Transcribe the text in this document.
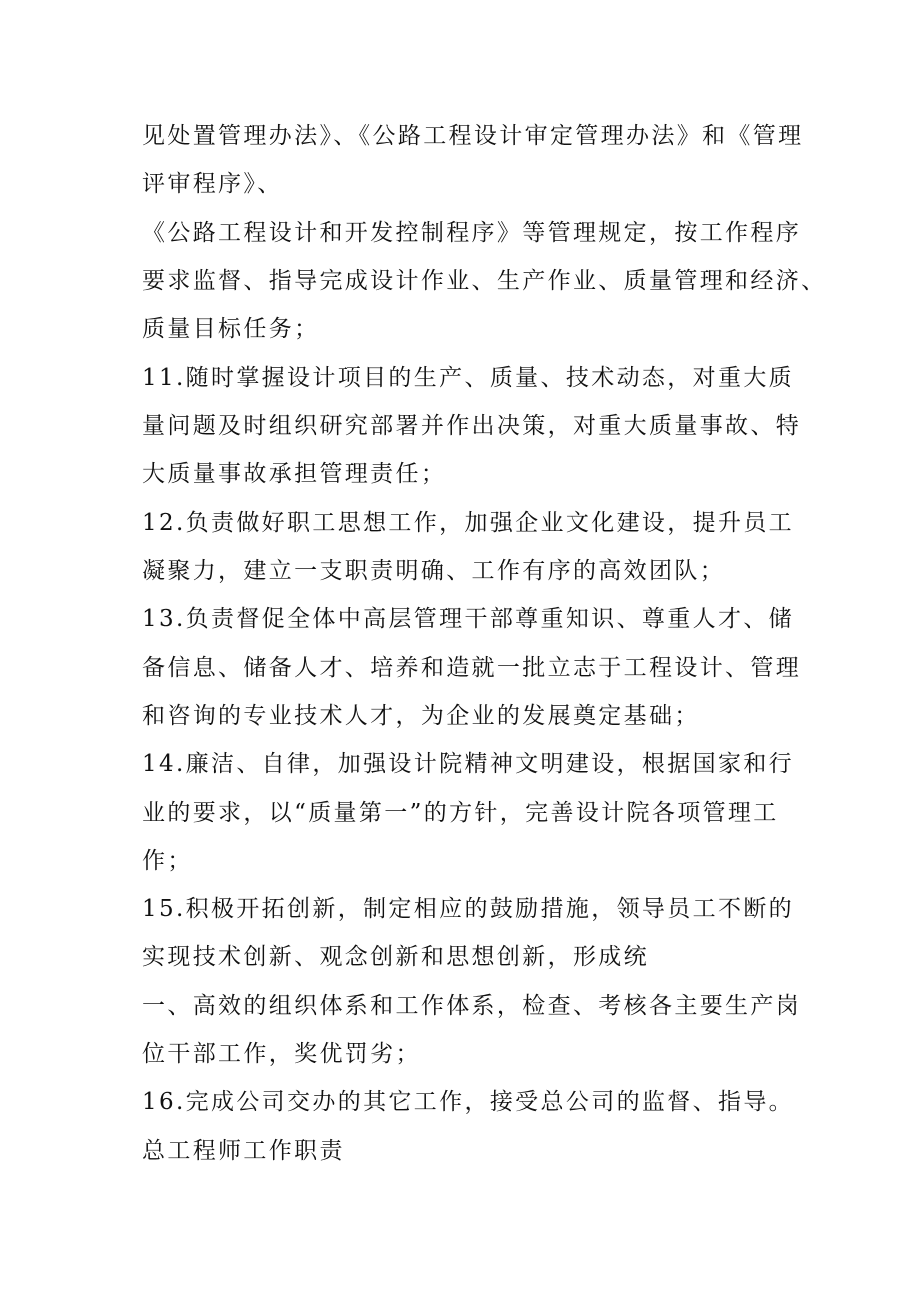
见处置管理办法》、《公路工程设计审定管理办法》和《管理
评审程序》、
《公路工程设计和开发控制程序》等管理规定，按工作程序
要求监督、指导完成设计作业、生产作业、质量管理和经济、
质量目标任务；
11.随时掌握设计项目的生产、质量、技术动态，对重大质
量问题及时组织研究部署并作出决策，对重大质量事故、特
大质量事故承担管理责任；
12.负责做好职工思想工作，加强企业文化建设，提升员工
凝聚力，建立一支职责明确、工作有序的高效团队；
13.负责督促全体中高层管理干部尊重知识、尊重人才、储
备信息、储备人才、培养和造就一批立志于工程设计、管理
和咨询的专业技术人才，为企业的发展奠定基础；
14.廉洁、自律，加强设计院精神文明建设，根据国家和行
业的要求，以“质量第一”的方针，完善设计院各项管理工
作；
15.积极开拓创新，制定相应的鼓励措施，领导员工不断的
实现技术创新、观念创新和思想创新，形成统
一、高效的组织体系和工作体系，检查、考核各主要生产岗
位干部工作，奖优罚劣；
16.完成公司交办的其它工作，接受总公司的监督、指导。
总工程师工作职责
